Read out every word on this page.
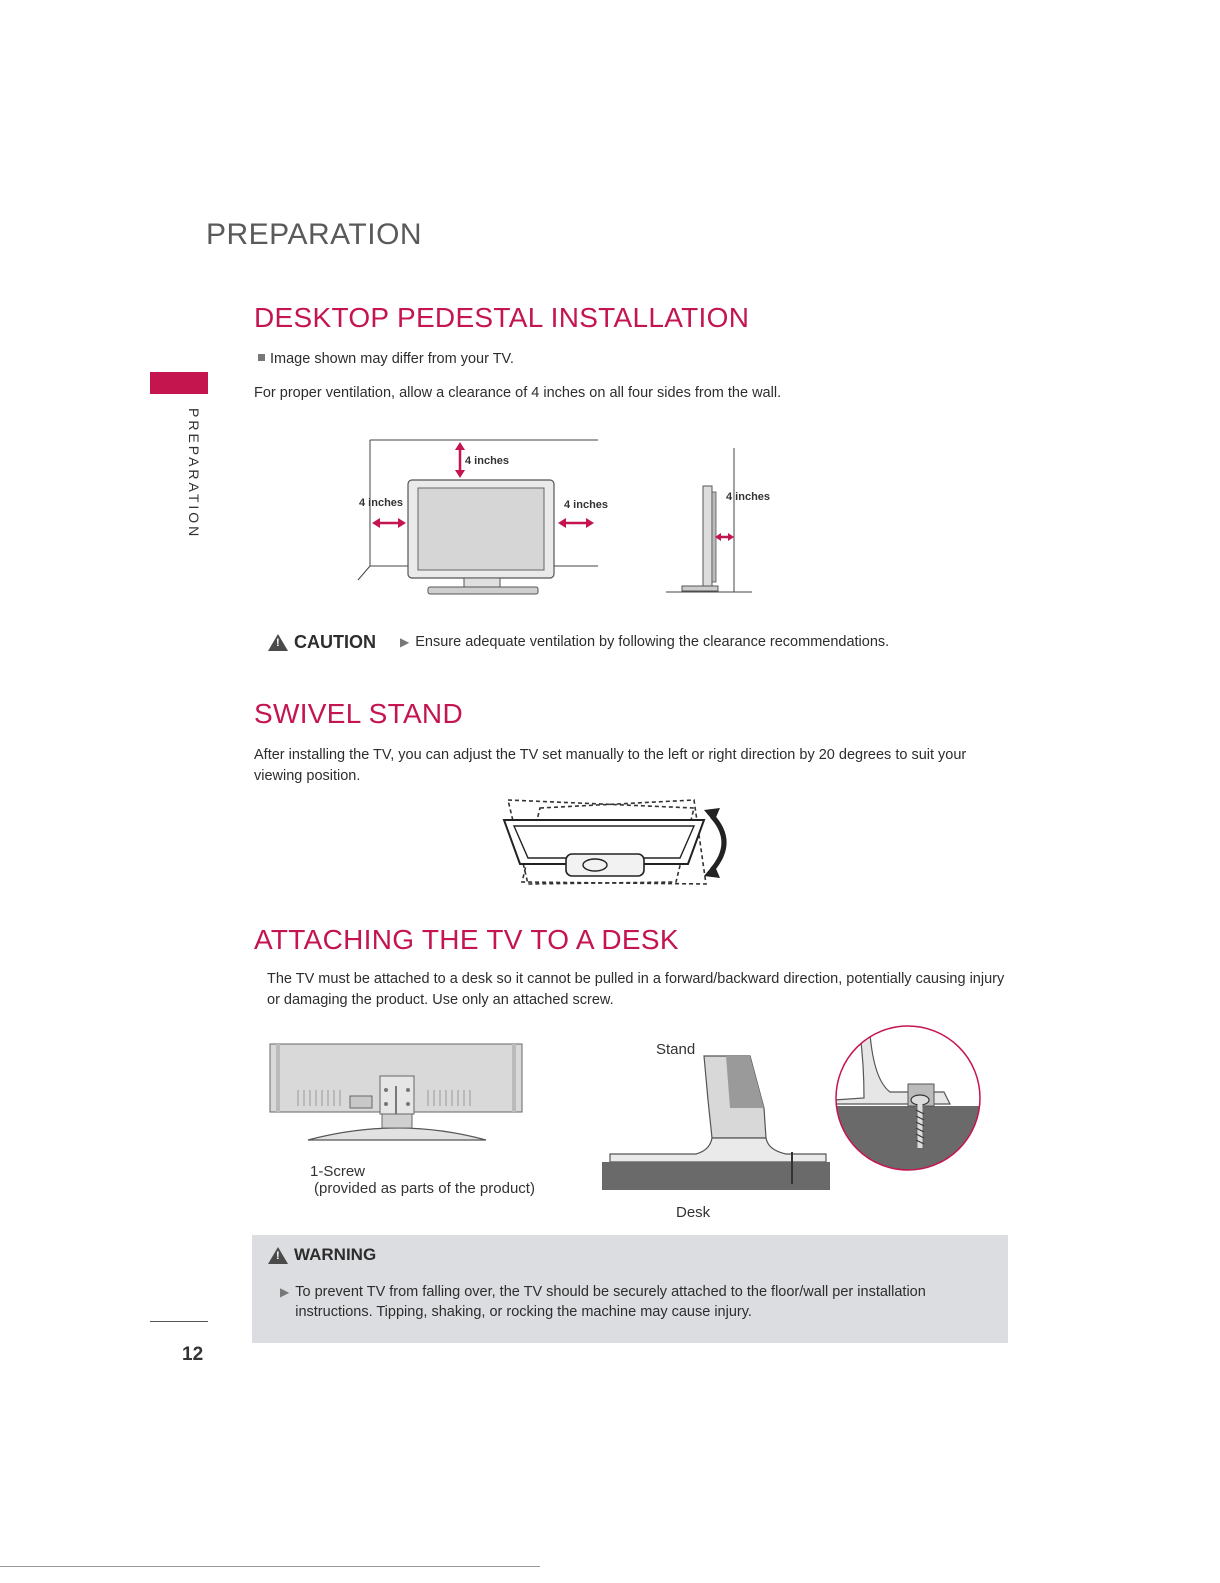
PREPARATION
PREPARATION
DESKTOP PEDESTAL INSTALLATION
Image shown may differ from your TV.
For proper ventilation, allow a clearance of 4 inches on all four sides from the wall.
4 inches
4 inches	4 inches
4 inches
!
CAUTION ▶ Ensure adequate ventilation by following the clearance recommendations.
SWIVEL STAND
After installing the TV, you can adjust the TV set manually to the left or right direction by 20 degrees to suit your viewing position.
ATTACHING THE TV TO A DESK
The TV must be attached to a desk so it cannot be pulled in a forward/backward direction, potentially causing injury or damaging the product. Use only an attached screw.
1-Screw
(provided as parts of the product)
Stand
Desk
!
WARNING
▶ To prevent TV from falling over, the TV should be securely attached to the floor/wall per installation instructions. Tipping, shaking, or rocking the machine may cause injury.
12
